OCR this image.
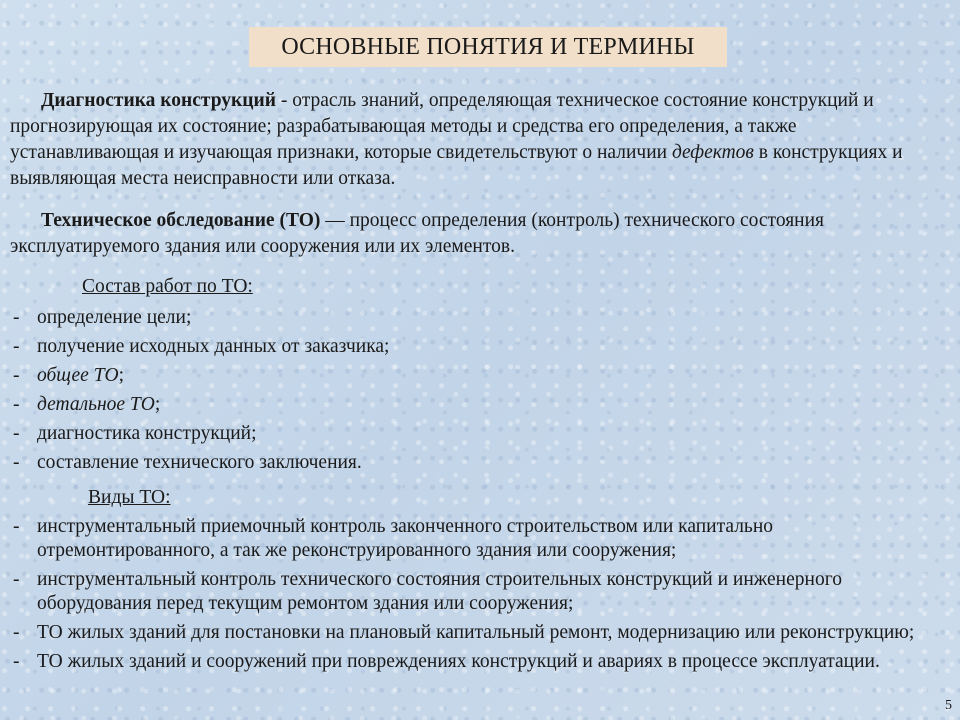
ОСНОВНЫЕ ПОНЯТИЯ И ТЕРМИНЫ
Диагностика конструкций - отрасль знаний, определяющая техническое состояние конструкций и прогнозирующая их состояние; разрабатывающая методы и средства его определения, а также устанавливающая и изучающая признаки, которые свидетельствуют о наличии дефектов в конструкциях и выявляющая места неисправности или отказа.
Техническое обследование (ТО) — процесс определения (контроль) технического состояния эксплуатируемого здания или сооружения или их элементов.
Состав работ по ТО:
- определение цели;
- получение исходных данных от заказчика;
- общее ТО;
- детальное ТО;
- диагностика конструкций;
- составление технического заключения.
Виды ТО:
- инструментальный приемочный контроль законченного строительством или капитально отремонтированного, а так же реконструированного здания или сооружения;
- инструментальный контроль технического состояния строительных конструкций и инженерного оборудования перед текущим ремонтом здания или сооружения;
- ТО жилых зданий для постановки на плановый капитальный ремонт, модернизацию или реконструкцию;
- ТО жилых зданий и сооружений при повреждениях конструкций и авариях в процессе эксплуатации.
5
